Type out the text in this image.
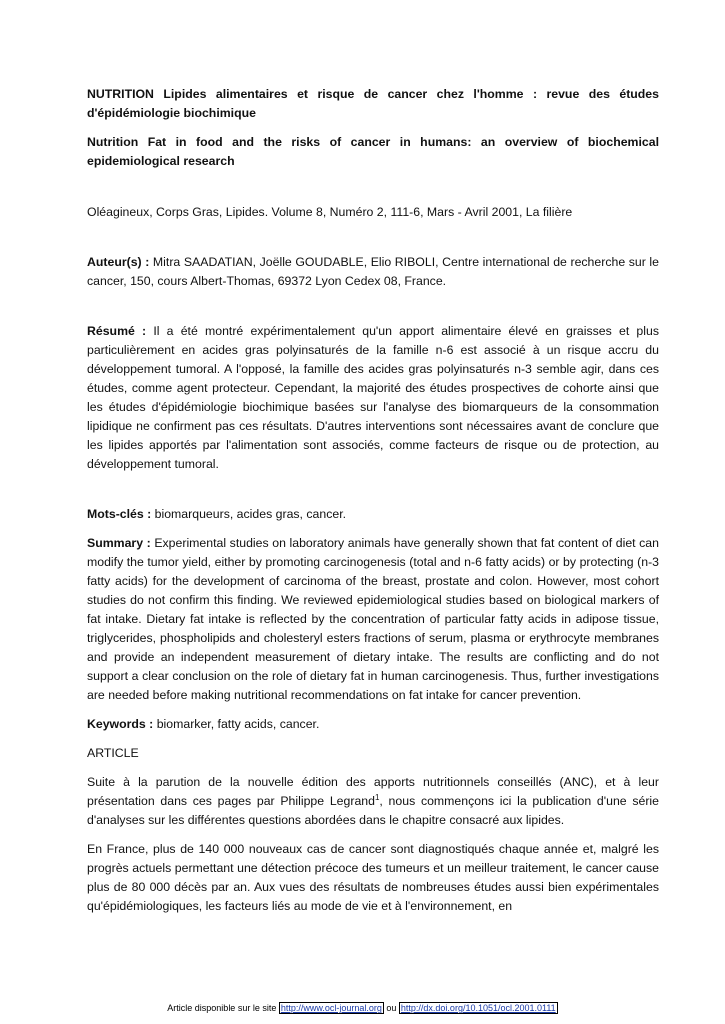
NUTRITION Lipides alimentaires et risque de cancer chez l'homme : revue des études d'épidémiologie biochimique

Nutrition Fat in food and the risks of cancer in humans: an overview of biochemical epidemiological research

Oléagineux, Corps Gras, Lipides. Volume 8, Numéro 2, 111-6, Mars - Avril 2001, La filière

Auteur(s) : Mitra SAADATIAN, Joëlle GOUDABLE, Elio RIBOLI, Centre international de recherche sur le cancer, 150, cours Albert-Thomas, 69372 Lyon Cedex 08, France.

Résumé : Il a été montré expérimentalement qu'un apport alimentaire élevé en graisses et plus particulièrement en acides gras polyinsaturés de la famille n-6 est associé à un risque accru du développement tumoral. A l'opposé, la famille des acides gras polyinsaturés n-3 semble agir, dans ces études, comme agent protecteur. Cependant, la majorité des études prospectives de cohorte ainsi que les études d'épidémiologie biochimique basées sur l'analyse des biomarqueurs de la consommation lipidique ne confirment pas ces résultats. D'autres interventions sont nécessaires avant de conclure que les lipides apportés par l'alimentation sont associés, comme facteurs de risque ou de protection, au développement tumoral.

Mots-clés : biomarqueurs, acides gras, cancer.

Summary : Experimental studies on laboratory animals have generally shown that fat content of diet can modify the tumor yield, either by promoting carcinogenesis (total and n-6 fatty acids) or by protecting (n-3 fatty acids) for the development of carcinoma of the breast, prostate and colon. However, most cohort studies do not confirm this finding. We reviewed epidemiological studies based on biological markers of fat intake. Dietary fat intake is reflected by the concentration of particular fatty acids in adipose tissue, triglycerides, phospholipids and cholesteryl esters fractions of serum, plasma or erythrocyte membranes and provide an independent measurement of dietary intake. The results are conflicting and do not support a clear conclusion on the role of dietary fat in human carcinogenesis. Thus, further investigations are needed before making nutritional recommendations on fat intake for cancer prevention.

Keywords : biomarker, fatty acids, cancer.

ARTICLE

Suite à la parution de la nouvelle édition des apports nutritionnels conseillés (ANC), et à leur présentation dans ces pages par Philippe Legrand$^1$, nous commençons ici la publication d'une série d'analyses sur les différentes questions abordées dans le chapitre consacré aux lipides.

En France, plus de 140 000 nouveaux cas de cancer sont diagnostiqués chaque année et, malgré les progrès actuels permettant une détection précoce des tumeurs et un meilleur traitement, le cancer cause plus de 80 000 décès par an. Aux vues des résultats de nombreuses études aussi bien expérimentales qu'épidémiologiques, les facteurs liés au mode de vie et à l'environnement, en

Article disponible sur le site http://www.ocl-journal.org ou http://dx.doi.org/10.1051/ocl.2001.0111
